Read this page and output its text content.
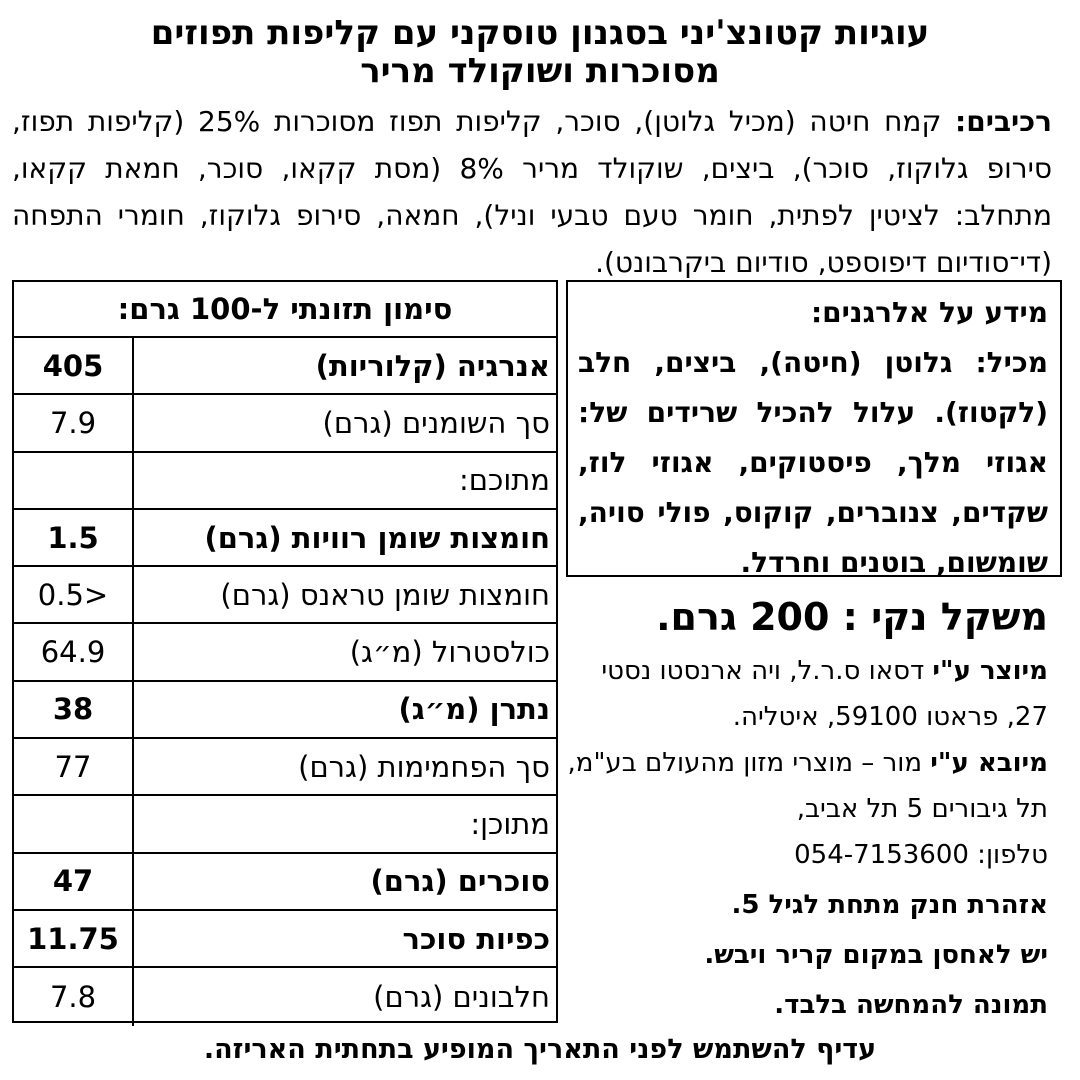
עוגיות קטונצ'יני בסגנון טוסקני עם קליפות תפוזים
מסוכרות ושוקולד מריר
רכיבים: קמח חיטה (מכיל גלוטן), סוכר, קליפות תפוז מסוכרות 25% (קליפות תפוז, סירופ גלוקוז, סוכר), ביצים, שוקולד מריר 8% (מסת קקאו, סוכר, חמאת קקאו, מתחלב: לציטין לפתית, חומר טעם טבעי וניל), חמאה, סירופ גלוקוז, חומרי התפחה (די־סודיום דיפוספט, סודיום ביקרבונט).
סימון תזונתי ל-100 גרם:
אנרגיה (קלוריות)
405
סך השומנים (גרם)
7.9
מתוכם:
חומצות שומן רוויות (גרם)
1.5
חומצות שומן טראנס (גרם)
0.5>
כולסטרול (מ״ג)
64.9
נתרן (מ״ג)
38
סך הפחמימות (גרם)
77
מתוכן:
סוכרים (גרם)
47
כפיות סוכר
11.75
חלבונים (גרם)
7.8
מידע על אלרגנים:
מכיל: גלוטן (חיטה), ביצים, חלב (לקטוז). עלול להכיל שרידים של: אגוזי מלך, פיסטוקים, אגוזי לוז, שקדים, צנוברים, קוקוס, פולי סויה, שומשום, בוטנים וחרדל.
משקל נקי : 200 גרם.
מיוצר ע"י דסאו ס.ר.ל, ויה ארנסטו נסטי 27, פראטו 59100, איטליה.
מיובא ע"י מור – מוצרי מזון מהעולם בע"מ, תל גיבורים 5 תל אביב,
טלפון: 054-7153600
אזהרת חנק מתחת לגיל 5.
יש לאחסן במקום קריר ויבש.
תמונה להמחשה בלבד.
עדיף להשתמש לפני התאריך המופיע בתחתית האריזה.
